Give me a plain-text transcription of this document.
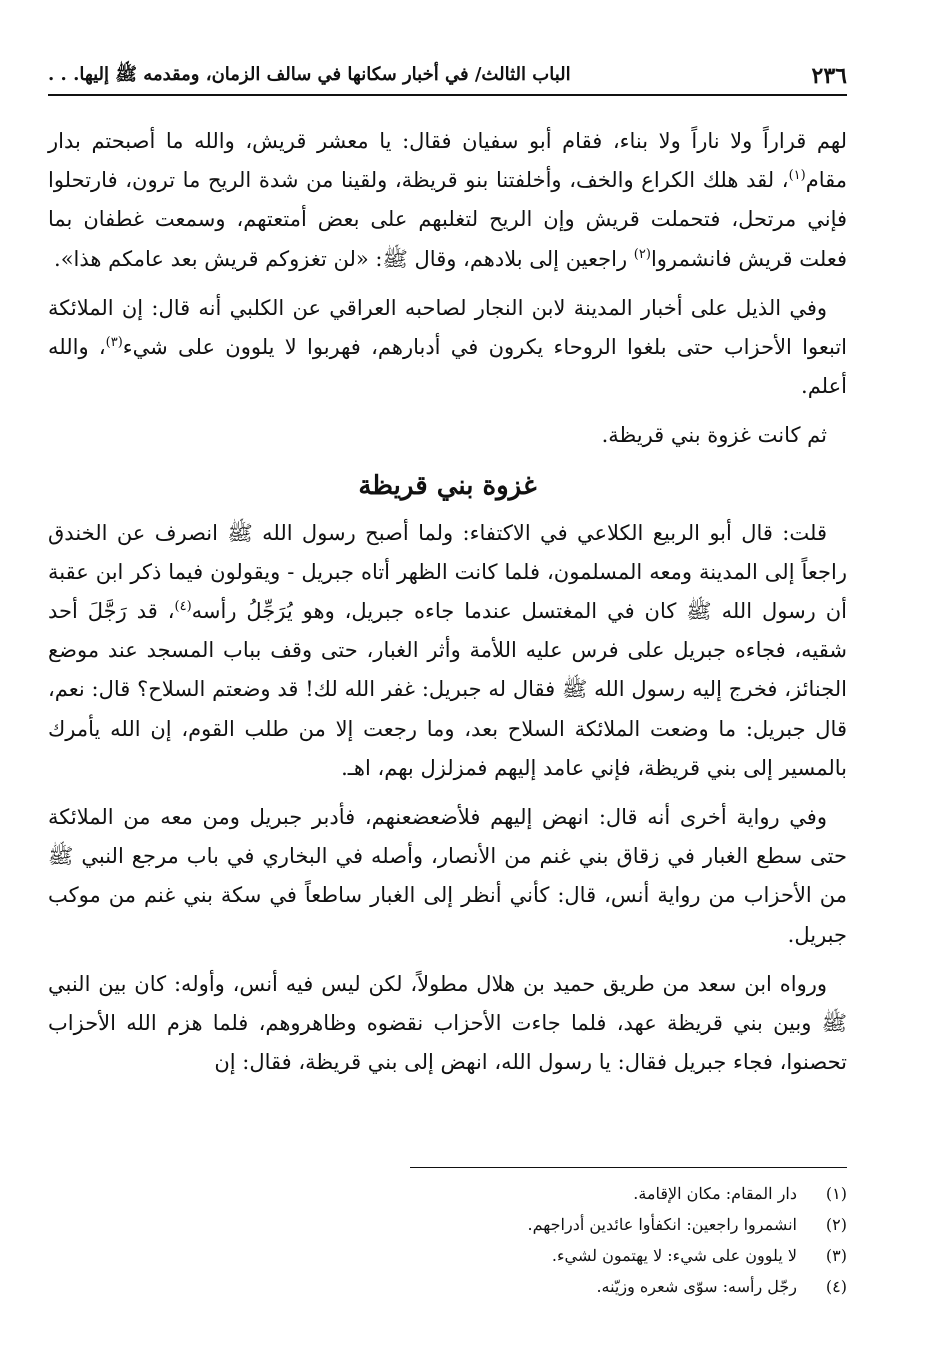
٢٣٦
الباب الثالث/ في أخبار سكانها في سالف الزمان، ومقدمه ﷺ إليها. . .

لهم قراراً ولا ناراً ولا بناء، فقام أبو سفيان فقال: يا معشر قريش، والله ما أصبحتم بدار مقام$^{(١)}$، لقد هلك الكراع والخف، وأخلفتنا بنو قريظة، ولقينا من شدة الريح ما ترون، فارتحلوا فإني مرتحل، فتحملت قريش وإن الريح لتغلبهم على بعض أمتعتهم، وسمعت غطفان بما فعلت قريش فانشمروا$^{(٢)}$ راجعين إلى بلادهم، وقال ﷺ: «لن تغزوكم قريش بعد عامكم هذا».

وفي الذيل على أخبار المدينة لابن النجار لصاحبه العراقي عن الكلبي أنه قال: إن الملائكة اتبعوا الأحزاب حتى بلغوا الروحاء يكرون في أدبارهم، فهربوا لا يلوون على شيء$^{(٣)}$، والله أعلم.

ثم كانت غزوة بني قريظة.

غزوة بني قريظة

قلت: قال أبو الربيع الكلاعي في الاكتفاء: ولما أصبح رسول الله ﷺ انصرف عن الخندق راجعاً إلى المدينة ومعه المسلمون، فلما كانت الظهر أتاه جبريل - ويقولون فيما ذكر ابن عقبة أن رسول الله ﷺ كان في المغتسل عندما جاءه جبريل، وهو يُرَجِّلُ رأسه$^{(٤)}$، قد رَجَّلَ أحد شقيه، فجاءه جبريل على فرس عليه اللأمة وأثر الغبار، حتى وقف بباب المسجد عند موضع الجنائز، فخرج إليه رسول الله ﷺ فقال له جبريل: غفر الله لك! قد وضعتم السلاح؟ قال: نعم، قال جبريل: ما وضعت الملائكة السلاح بعد، وما رجعت إلا من طلب القوم، إن الله يأمرك بالمسير إلى بني قريظة، فإني عامد إليهم فمزلزل بهم، اهـ.

وفي رواية أخرى أنه قال: انهض إليهم فلأضعضعنهم، فأدبر جبريل ومن معه من الملائكة حتى سطع الغبار في زقاق بني غنم من الأنصار، وأصله في البخاري في باب مرجع النبي ﷺ من الأحزاب من رواية أنس، قال: كأني أنظر إلى الغبار ساطعاً في سكة بني غنم من موكب جبريل.

ورواه ابن سعد من طريق حميد بن هلال مطولاً، لكن ليس فيه أنس، وأوله: كان بين النبي ﷺ وبين بني قريظة عهد، فلما جاءت الأحزاب نقضوه وظاهروهم، فلما هزم الله الأحزاب تحصنوا، فجاء جبريل فقال: يا رسول الله، انهض إلى بني قريظة، فقال: إن

(١)
دار المقام: مكان الإقامة.
(٢)
انشمروا راجعين: انكفأوا عائدين أدراجهم.
(٣)
لا يلوون على شيء: لا يهتمون لشيء.
(٤)
رجّل رأسه: سوّى شعره وزيّنه.
